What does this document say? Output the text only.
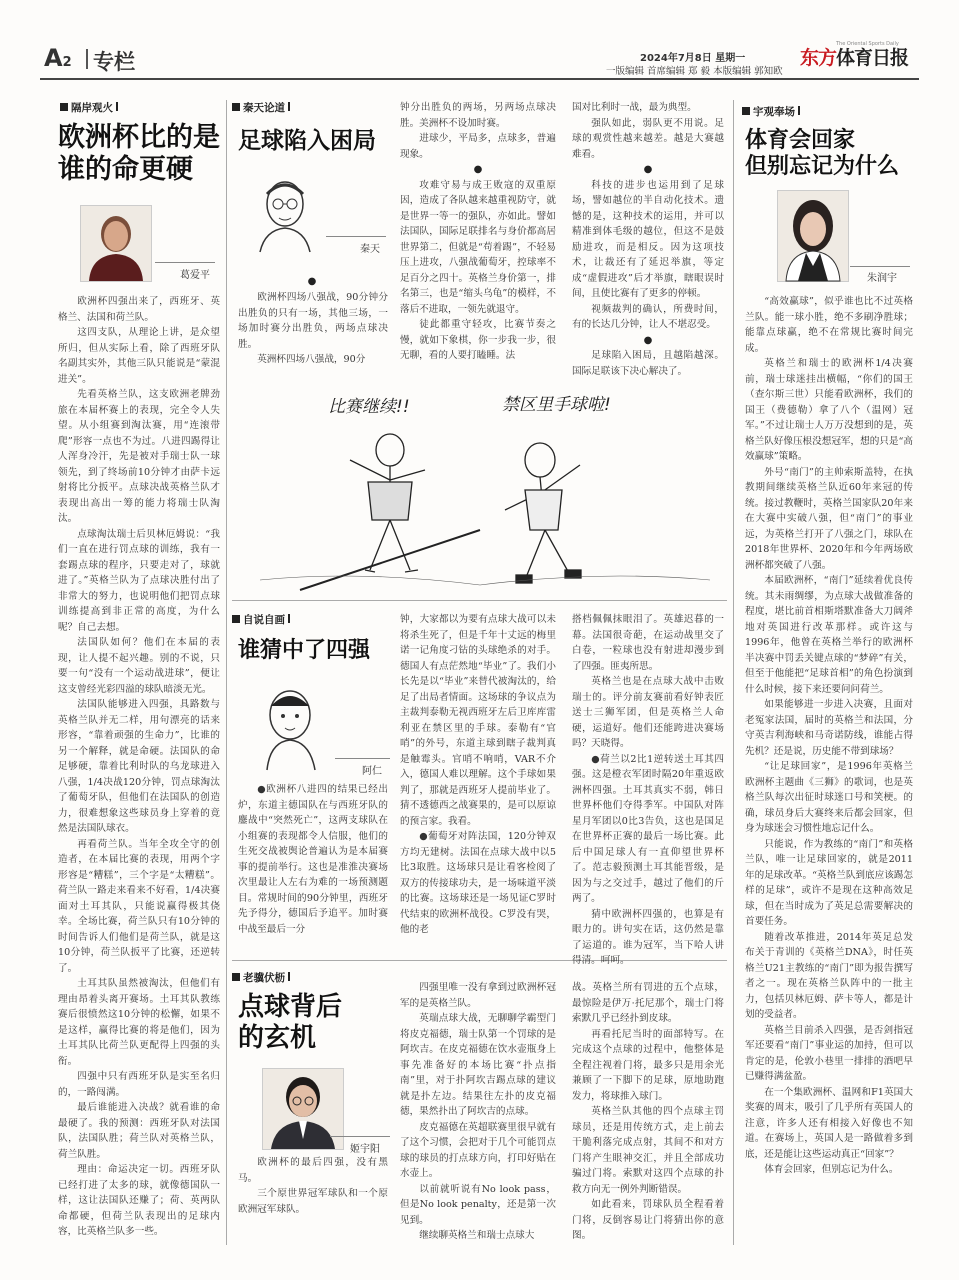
A2 专栏	2024年7月8日 星期一
一版编辑 首席编辑 郑 毅 本版编辑 郭知欧
The Oriental Sports Daily
东方体育日报
隔岸观火
欧洲杯比的是
谁的命更硬
葛爱平

欧洲杯四强出来了，西班牙、英格兰、法国和荷兰队。

这四支队，从理论上讲，是众望所归，但从实际上看，除了西班牙队名副其实外，其他三队只能说是“蒙混进关”。

先看英格兰队，这支欧洲老牌劲旅在本届杯赛上的表现，完全令人失望。从小组赛到淘汰赛，用“连滚带爬”形容一点也不为过。八进四踢得让人浑身冷汗，先是被对手瑞士队一球领先，到了终场前10分钟才由萨卡远射将比分扳平。点球决战英格兰队才表现出高出一筹的能力将瑞士队淘汰。

点球淘汰瑞士后贝林厄姆说：“我们一直在进行罚点球的训练，我有一套踢点球的程序，只要走对了，球就进了。”英格兰队为了点球决胜付出了非常大的努力，也说明他们把罚点球训练提高到非正常的高度，为什么呢？自己去想。

法国队如何？他们在本届的表现，让人提不起兴趣。别的不说，只要一句“没有一个运动战进球”，便让这支曾经光彩四溢的球队暗淡无光。

法国队能够进入四强，具路数与英格兰队并无二样，用句漂亮的话来形容，“靠着顽强的生命力”，比谁的另一个解释，就是命硬。法国队的命足够硬，靠着比利时队的乌龙球进入八强，1/4决战120分钟，罚点球淘汰了葡萄牙队，但他们在法国队的创造力，很难想象这些球员身上穿着的竟然是法国队球衣。

再看荷兰队。当年全攻全守的创造者，在本届比赛的表现，用两个字形容是“糟糕”，三个字是“太糟糕”。荷兰队一路走来看来不好看，1/4决赛面对土耳其队，只能说赢得极其侥幸。全场比赛，荷兰队只有10分钟的时间告诉人们他们是荷兰队，就是这10分钟，荷兰队扳平了比赛，还逆转了。

土耳其队虽然被淘汰，但他们有理由昂着头离开赛场。土耳其队教练赛后很愤然这10分钟的松懈，如果不是这样，赢得比赛的将是他们，因为土耳其队比荷兰队更配得上四强的头衔。

四强中只有西班牙队是实至名归的，一路闯满。

最后谁能进入决战？就看谁的命最硬了。我的预测：西班牙队对法国队，法国队胜；荷兰队对英格兰队，荷兰队胜。

理由：命运决定一切。西班牙队已经打进了太多的球，就像德国队一样，这让法国队还赚了；荷、英两队命都硬，但荷兰队表现出的足球内容，比英格兰队多一些。

秦天论道
足球陷入困局
秦天
●

欧洲杯四场八强战，90分钟分出胜负的只有一场，其他三场，一场加时赛分出胜负，两场点球决胜。

英洲杯四场八强战，90分

钟分出胜负的两场，另两场点球决胜。美洲杯不设加时赛。

进球少，平局多，点球多，普遍现象。

●

攻难守易与成王败寇的双重原因，造成了各队越来越重视防守，就是世界一等一的强队，亦如此。譬如法国队，国际足联排名与身价都高居世界第二，但就是“苟着踢”，不轻易压上进攻，八强战葡萄牙，控球率不足百分之四十。英格兰身价第一，排名第三，也是“缩头乌龟”的模样，不落后不进取，一领先就退守。

徒此都重守轻攻，比赛节奏之慢，就如下象棋，你一步我一步，很无聊，看的人要打瞌睡。法

国对比利时一战，最为典型。

强队如此，弱队更不用说。足球的观赏性越来越差。越是大赛越难看。

●

科技的进步也运用到了足球场，譬如越位的半自动化技术。遗憾的是，这种技术的运用，并可以精准到体毛级的越位，但这不是鼓励进攻，而是相反。因为这项技术，让裁还有了延迟举旗，等定成“虚假进攻”后才举旗，瞎眼误时间，且使比赛有了更多的停顿。

视频裁判的确认，所费时间，有的长达几分钟，让人不堪忍受。

●

足球陷入困局，且越陷越深。国际足联该下决心解决了。

比赛继续!!	禁区里手球啦!
宇观奉场
体育会回家
但别忘记为什么
朱润宇

“高效赢球”，似乎谁也比不过英格兰队。能一球小胜，绝不多刷净胜球；能靠点球赢，绝不在常规比赛时间完成。

英格兰和瑞士的欧洲杯1/4决赛前，瑞士球迷挂出横幅，“你们的国王（查尔斯三世）只能看欧洲杯，我们的国王（费德勒）拿了八个（温网）冠军。”不过让瑞士人万万没想到的是，英格兰队好像压根没想冠军，想的只是“高效赢球”策略。

外号“南门”的主帅索斯盖特，在执教期间继续英格兰队近60年来冠的传统。接过教鞭时，英格兰国家队20年来在大赛中实破八强，但“南门”的事业远，为英格兰打开了八强之门，球队在2018年世界杯、2020年和今年两场欧洲杯都突破了八强。

本届欧洲杯，“南门”延续着优良传统。其未雨绸缪，为点球大战做准备的程度，堪比前首相斯塔默准备大刀阔斧地对英国进行改革那样。或许这与1996年，他曾在英格兰举行的欧洲杯半决赛中罚丢关键点球的“梦碎”有关，但至于他能把“足球首相”的角色扮演到什么时候，接下来还要问问荷兰。

如果能够进一步进入决赛，且面对老冤家法国，届时的英格兰和法国，分守英吉利海峡和马奇诺防线，谁能占得先机？还是说，历史能不带到球场？

“让足球回家”，是1996年英格兰欧洲杯主题曲《三狮》的歌词，也是英格兰队每次出征时球迷口号和笑梗。的确，球员身后大赛终来后都会回家，但身为球迷会习惯性地忘记什么。

只能说，作为教练的“南门”和英格兰队，唯一让足球回家的，就是2011年的足球改革。“英格兰队到底应该踢怎样的足球”，或许不是现在这种高效足球，但在当时成为了英足总需要解决的首要任务。

随着改革推进，2014年英足总发布关于青训的《英格兰DNA》，时任英格兰U21主教练的“南门”即为报告撰写者之一。现在英格兰队阵中的一批主力，包括贝林厄姆、萨卡等人，都是计划的受益者。

英格兰目前杀入四强，是否剑指冠军还要看“南门”事业运的加持，但可以肯定的是，伦敦小巷里一排排的酒吧早已赚得满盆盈。

在一个集欧洲杯、温网和F1英国大奖赛的周末，吸引了几乎所有英国人的注意，许多人还有相接入好像也不知道。在赛场上，英国人是一路做着多到底，还是能让这些运动真正“回家”？

体育会回家，但别忘记为什么。

自说自画
谁猜中了四强
阿仁

●欧洲杯八进四的结果已经出炉，东道主德国队在与西班牙队的鏖战中“突然死亡”，这两支球队在小组赛的表现都令人信服，他们的生死交战被舆论普遍认为是本届赛事的提前举行。这也是准淮决赛场次里最让人左右为难的一场预测题目。常规时间的90分钟里，西班牙先予得分，德国后予追平。加时赛中战至最后一分

钟，大家都以为要有点球大战可以未将杀生死了，但是千年十丈远的梅里诺一记角度刁钻的头球绝杀的对手。德国人有点茫然地“毕业”了。我们小长先是以“毕业”来替代被淘汰的，给足了出局者情面。这场球的争议点为主裁判泰勒无视西班牙左后卫库库雷利亚在禁区里的手球。泰勒有“官哨”的外号，东道主球到瞎子裁判真是触霉头。官哨不响哨，VAR不介入，德国人难以理解。这个手球如果判了，那就是西班牙人提前毕业了。猜不透德西之战赛果的，是可以原谅的预言家。我看。

●葡萄牙对阵法国，120分钟双方均无建树。法国在点球大战中以5比3取胜。这场球只是让看客检阅了双方的传接球功夫，是一场味道平淡的比赛。这场球还是一场见证C罗时代结束的欧洲杯战役。C罗没有哭，他的老

搭档佩佩抹眼泪了。英雄迟暮的一幕。法国很奇葩，在运动战里交了白卷，一粒球也没有射进却漫步到了四强。匪夷所思。

英格兰也是在点球大战中击败瑞士的。评分前友赛前看好钟表匠送士三狮军团，但是英格兰人命硬，运道好。他们还能跨进决赛场吗？天晓得。

●荷兰以2比1逆转送土耳其四强。这是橙衣军团时隔20年重返欧洲杯四强。土耳其真实不弱，韩日世界杯他们夺得季军。中国队对阵星月军团以0比3告负，这也是国足在世界杯正赛的最后一场比赛。此后中国足球人有一直仰望世界杯了。范志毅预测土耳其能晋级，是因为与之交过手，越过了他们的斤两了。

猜中欧洲杯四强的，也算是有眼力的。讲句实在话，这仍然是靠了运道的。谁为冠军，当下哈人讲得清。呵呵。

老骥伏枥
点球背后
的玄机
姬宇阳

欧洲杯的最后四强，没有黑马。

三个原世界冠军球队和一个原欧洲冠军球队。

四强里唯一没有拿到过欧洲杯冠军的是英格兰队。

英瑞点球大战，无聊聊学霸型门将皮克福德，瑞士队第一个罚球的是阿坎吉。在皮克福德在饮水壶瓶身上事先准备好的本场比赛“扑点指南”里，对于扑阿坎吉踢点球的建议就是扑左边。结果往左扑的皮克福德，果然扑出了阿坎吉的点球。

皮克福德在英超联赛里很早就有了这个习惯，会把对于几个可能罚点球的球员的打点球方向，打印好贴在水壶上。

以前就听说有No look pass，但是No look penalty，还是第一次见到。

继续聊英格兰和瑞士点球大

战。英格兰所有罚进的五个点球，最惊险是伊万·托尼那个，瑞士门将索默几乎已经扑到皮球。

再看托尼当时的面部特写。在完成这个点球的过程中，他整体是全程注视着门将，最多只是用余光兼顾了一下脚下的足球，原地助跑发力，将球推入球门。

英格兰队其他的四个点球主罚球员，还是用传统方式，走上前去干脆利落完成点射，其间不和对方门将产生眼神交汇，并且全部成功骗过门将。索默对这四个点球的扑救方向无一例外判断错误。

如此看来，罚球队员全程看着门将，反倒容易让门将猜出你的意图。
